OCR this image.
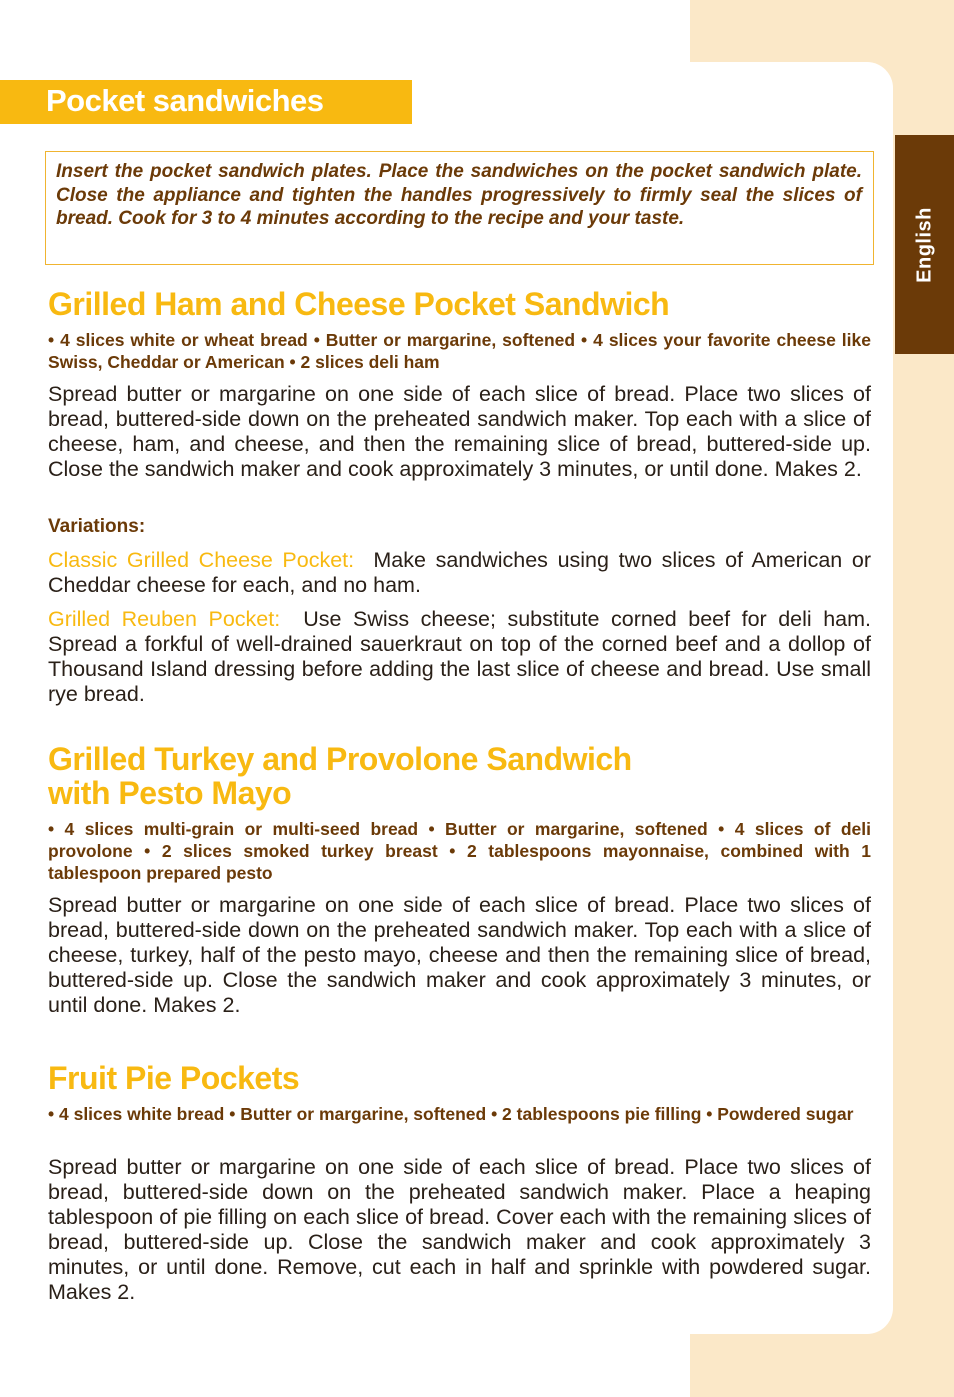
English
Pocket sandwiches

Insert the pocket sandwich plates. Place the sandwiches on the pocket sandwich plate. Close the appliance and tighten the handles progressively to firmly seal the slices of bread. Cook for 3 to 4 minutes according to the recipe and your taste.

Grilled Ham and Cheese Pocket Sandwich

• 4 slices white or wheat bread • Butter or margarine, softened • 4 slices your favorite cheese like Swiss, Cheddar or American • 2 slices deli ham

Spread butter or margarine on one side of each slice of bread. Place two slices of bread, buttered-side down on the preheated sandwich maker. Top each with a slice of cheese, ham, and cheese, and then the remaining slice of bread, buttered-side up. Close the sandwich maker and cook approximately 3 minutes, or until done. Makes 2.

Variations:

Classic Grilled Cheese Pocket: Make sandwiches using two slices of American or Cheddar cheese for each, and no ham.

Grilled Reuben Pocket: Use Swiss cheese; substitute corned beef for deli ham. Spread a forkful of well-drained sauerkraut on top of the corned beef and a dollop of Thousand Island dressing before adding the last slice of cheese and bread. Use small rye bread.

Grilled Turkey and Provolone Sandwich
with Pesto Mayo

• 4 slices multi-grain or multi-seed bread • Butter or margarine, softened • 4 slices of deli provolone • 2 slices smoked turkey breast • 2 tablespoons mayonnaise, combined with 1 tablespoon prepared pesto

Spread butter or margarine on one side of each slice of bread. Place two slices of bread, buttered-side down on the preheated sandwich maker. Top each with a slice of cheese, turkey, half of the pesto mayo, cheese and then the remaining slice of bread, buttered-side up. Close the sandwich maker and cook approximately 3 minutes, or until done. Makes 2.

Fruit Pie Pockets

• 4 slices white bread • Butter or margarine, softened • 2 tablespoons pie filling • Powdered sugar

Spread butter or margarine on one side of each slice of bread. Place two slices of bread, buttered-side down on the preheated sandwich maker. Place a heaping tablespoon of pie filling on each slice of bread. Cover each with the remaining slices of bread, buttered-side up. Close the sandwich maker and cook approximately 3 minutes, or until done. Remove, cut each in half and sprinkle with powdered sugar. Makes 2.
